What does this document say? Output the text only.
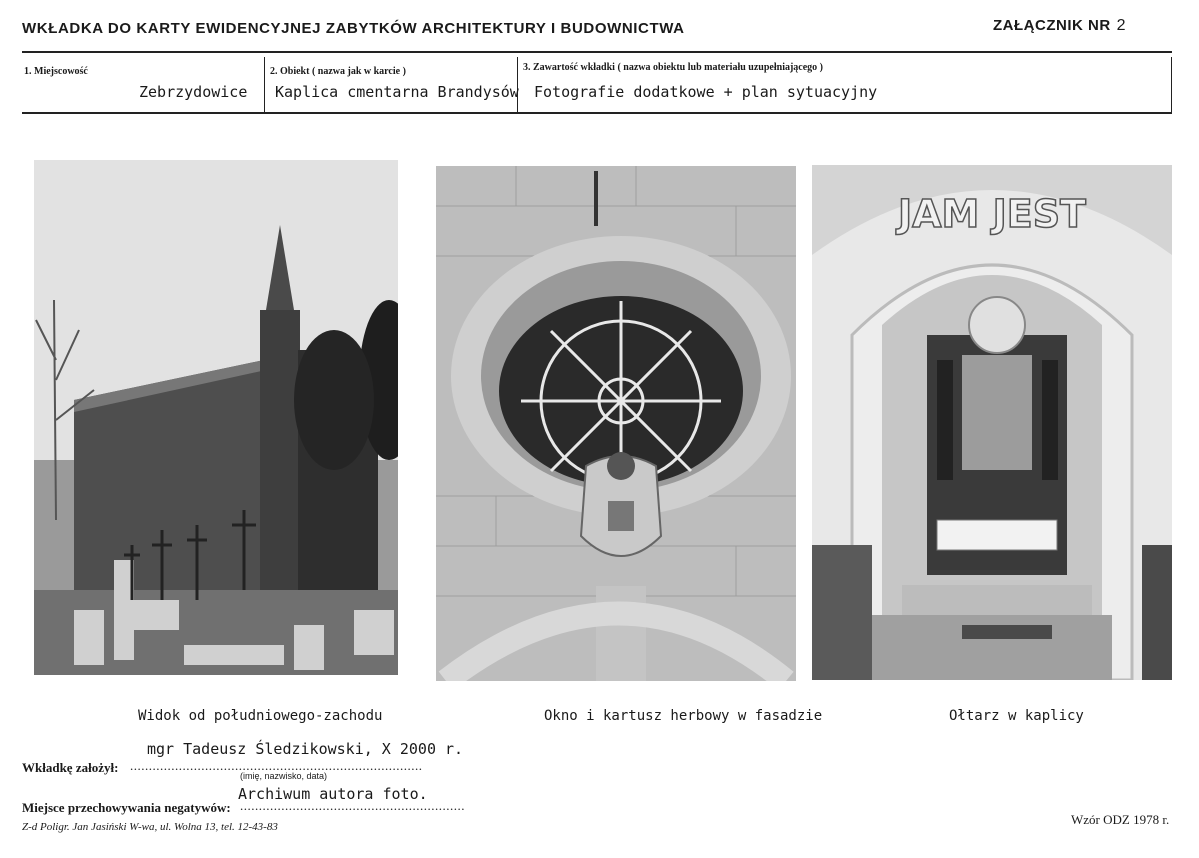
WKŁADKA DO KARTY EWIDENCYJNEJ ZABYTKÓW ARCHITEKTURY I BUDOWNICTWA	ZAŁĄCZNIK NR 2
1. Miejscowość
Zebrzydowice
2. Obiekt ( nazwa jak w karcie )
Kaplica cmentarna Brandysów
3. Zawartość wkładki ( nazwa obiektu lub materiału uzupełniającego )
Fotografie dodatkowe + plan sytuacyjny
JAM JEST
Widok od południowego-zachodu	Okno i kartusz herbowy w fasadzie	Ołtarz w kaplicy
mgr Tadeusz Śledzikowski, X 2000 r.
Wkładkę założył: ..............................................................................
(imię, nazwisko, data)
Archiwum autora foto.
Miejsce przechowywania negatywów: ............................................................
Z-d Poligr. Jan Jasiński W-wa, ul. Wolna 13, tel. 12-43-83	Wzór ODZ 1978 r.
